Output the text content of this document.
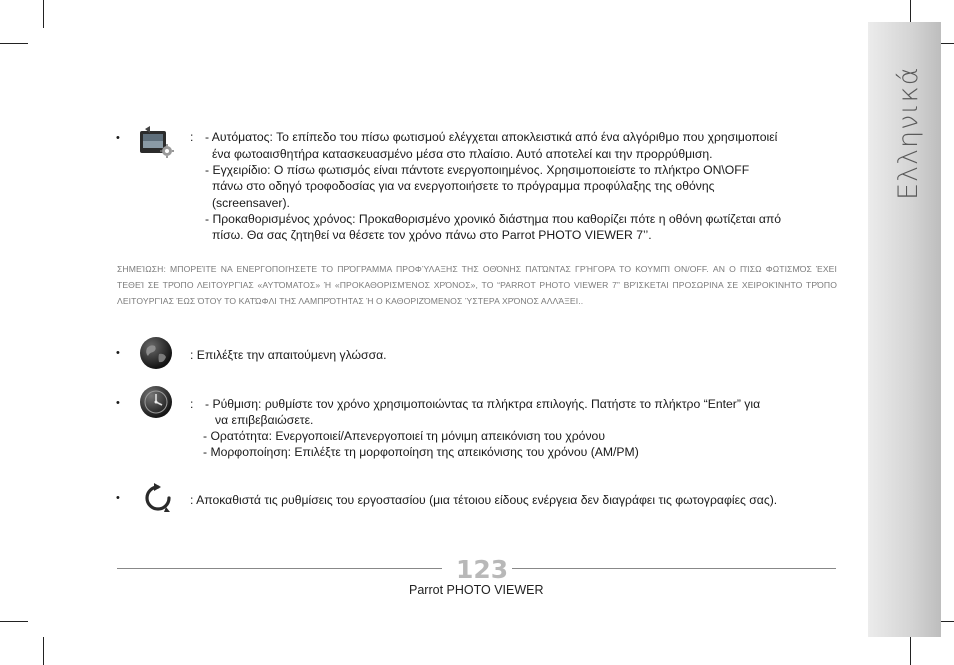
Ελληνικά
•	: - Αυτόματος: Το επίπεδο του πίσω φωτισμού ελέγχεται αποκλειστικά από ένα αλγόριθμο που χρησιμοποιεί
ένα φωτοαισθητήρα κατασκευασμένο μέσα στο πλαίσιο. Αυτό αποτελεί και την προρρύθμιση.
- Εγχειρίδιο: Ο πίσω φωτισμός είναι πάντοτε ενεργοποιημένος. Χρησιμοποιείστε το πλήκτρο ON\OFF
πάνω στο οδηγό τροφοδοσίας για να ενεργοποιήσετε το πρόγραμμα προφύλαξης της οθόνης
(screensaver).
- Προκαθορισμένος χρόνος: Προκαθορισμένο χρονικό διάστημα που καθορίζει πότε η οθόνη φωτίζεται από
πίσω. Θα σας ζητηθεί να θέσετε τον χρόνο πάνω στο Parrot PHOTO VIEWER 7’’.
ΣΗΜΕΊΩΣΗ: ΜΠΟΡΕΊΤΕ ΝΑ ΕΝΕΡΓΟΠΟΙΉΣΕΤΕ ΤΟ ΠΡΌΓΡΑΜΜΑ ΠΡΟΦΎΛΑΞΗΣ ΤΗΣ ΟΘΌΝΗΣ ΠΑΤΏΝΤΑΣ ΓΡΉΓΟΡΑ ΤΟ ΚΟΥΜΠΊ ON/OFF. ΑΝ Ο ΠΊΣΩ ΦΩΤΙΣΜΌΣ ΈΧΕΙ ΤΕΘΕΊ ΣΕ ΤΡΌΠΟ ΛΕΙΤΟΥΡΓΊΑΣ «ΑΥΤΌΜΑΤΟΣ» Ή «ΠΡΟΚΑΘΟΡΙΣΜΈΝΟΣ ΧΡΌΝΟΣ», ΤΟ “PARROT PHOTO VIEWER 7” ΒΡΊΣΚΕΤΑΙ ΠΡΟΣΩΡΙΝΑ ΣΕ ΧΕΙΡΟΚΊΝΗΤΟ ΤΡΌΠΟ ΛΕΙΤΟΥΡΓΊΑΣ ΈΩΣ ΌΤΟΥ ΤΟ ΚΑΤΏΦΛΙ ΤΗΣ ΛΑΜΠΡΌΤΗΤΑΣ Ή Ο ΚΑΘΟΡΙΖΌΜΕΝΟΣ ΎΣΤΕΡΑ ΧΡΌΝΟΣ ΑΛΛΆΞΕΙ..
•	: Επιλέξτε την απαιτούμενη γλώσσα.
•	: - Ρύθμιση: ρυθμίστε τον χρόνο χρησιμοποιώντας τα πλήκτρα επιλογής. Πατήστε το πλήκτρο “Enter” για
να επιβεβαιώσετε.
- Ορατότητα: Ενεργοποιεί/Απενεργοποιεί τη μόνιμη απεικόνιση του χρόνου
- Μορφοποίηση: Επιλέξτε τη μορφοποίηση της απεικόνισης του χρόνου (AM/PM)
•	: Αποκαθιστά τις ρυθμίσεις του εργοστασίου (μια τέτοιου είδους ενέργεια δεν διαγράφει τις φωτογραφίες σας).
123
Parrot PHOTO VIEWER
